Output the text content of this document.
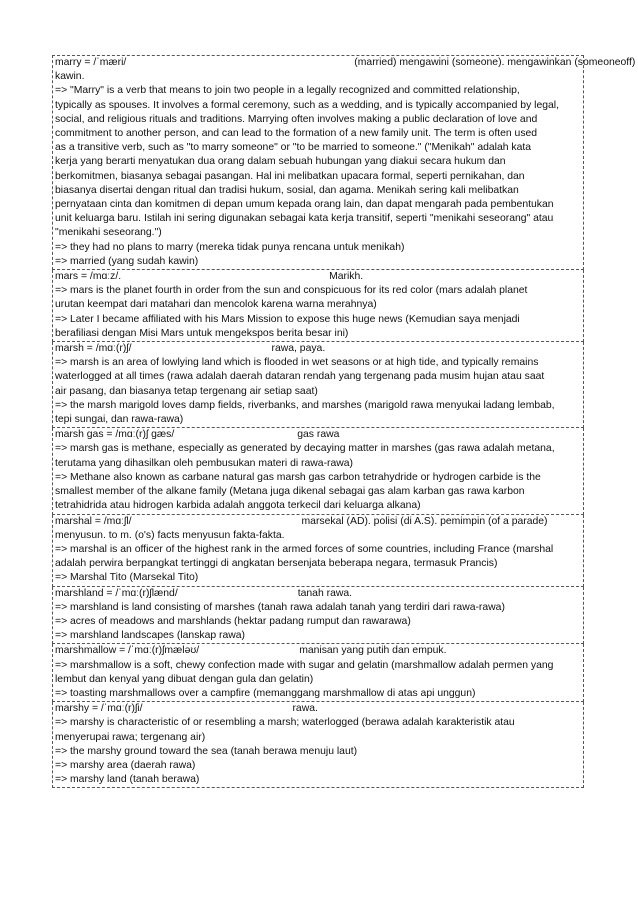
marry = /ˈmæri/	(married) mengawini (someone). mengawinkan (someoneoff)
kawin.
=> "Marry" is a verb that means to join two people in a legally recognized and committed relationship,
typically as spouses. It involves a formal ceremony, such as a wedding, and is typically accompanied by legal,
social, and religious rituals and traditions. Marrying often involves making a public declaration of love and
commitment to another person, and can lead to the formation of a new family unit. The term is often used
as a transitive verb, such as "to marry someone" or "to be married to someone." ("Menikah" adalah kata
kerja yang berarti menyatukan dua orang dalam sebuah hubungan yang diakui secara hukum dan
berkomitmen, biasanya sebagai pasangan. Hal ini melibatkan upacara formal, seperti pernikahan, dan
biasanya disertai dengan ritual dan tradisi hukum, sosial, dan agama. Menikah sering kali melibatkan
pernyataan cinta dan komitmen di depan umum kepada orang lain, dan dapat mengarah pada pembentukan
unit keluarga baru. Istilah ini sering digunakan sebagai kata kerja transitif, seperti "menikahi seseorang" atau
"menikahi seseorang.")
=> they had no plans to marry (mereka tidak punya rencana untuk menikah)
=> married (yang sudah kawin)
mars = /mɑːz/.	Marikh.
=> mars is the planet fourth in order from the sun and conspicuous for its red color (mars adalah planet
urutan keempat dari matahari dan mencolok karena warna merahnya)
=> Later I became affiliated with his Mars Mission to expose this huge news (Kemudian saya menjadi
berafiliasi dengan Misi Mars untuk mengekspos berita besar ini)
marsh = /mɑː(r)ʃ/	rawa, paya.
=> marsh is an area of lowlying land which is flooded in wet seasons or at high tide, and typically remains
waterlogged at all times (rawa adalah daerah dataran rendah yang tergenang pada musim hujan atau saat
air pasang, dan biasanya tetap tergenang air setiap saat)
=> the marsh marigold loves damp fields, riverbanks, and marshes (marigold rawa menyukai ladang lembab,
tepi sungai, dan rawa-rawa)
marsh gas = /mɑː(r)ʃ gæs/	gas rawa
=> marsh gas is methane, especially as generated by decaying matter in marshes (gas rawa adalah metana,
terutama yang dihasilkan oleh pembusukan materi di rawa-rawa)
=> Methane also known as carbane natural gas marsh gas carbon tetrahydride or hydrogen carbide is the
smallest member of the alkane family (Metana juga dikenal sebagai gas alam karban gas rawa karbon
tetrahidrida atau hidrogen karbida adalah anggota terkecil dari keluarga alkana)
marshal = /mɑːʃl/	marsekal (AD). polisi (di A.S). pemimpin (of a parade)
menyusun. to m. (o's) facts menyusun fakta-fakta.
=> marshal is an officer of the highest rank in the armed forces of some countries, including France (marshal
adalah perwira berpangkat tertinggi di angkatan bersenjata beberapa negara, termasuk Prancis)
=> Marshal Tito (Marsekal Tito)
marshland = /ˈmɑː(r)ʃlænd/	tanah rawa.
=> marshland is land consisting of marshes (tanah rawa adalah tanah yang terdiri dari rawa-rawa)
=> acres of meadows and marshlands (hektar padang rumput dan rawarawa)
=> marshland landscapes (lanskap rawa)
marshmallow = /ˈmɑː(r)ʃmæləʊ/	manisan yang putih dan empuk.
=> marshmallow is a soft, chewy confection made with sugar and gelatin (marshmallow adalah permen yang
lembut dan kenyal yang dibuat dengan gula dan gelatin)
=> toasting marshmallows over a campfire (memanggang marshmallow di atas api unggun)
marshy = /ˈmɑː(r)ʃi/	rawa.
=> marshy is characteristic of or resembling a marsh; waterlogged (berawa adalah karakteristik atau
menyerupai rawa; tergenang air)
=> the marshy ground toward the sea (tanah berawa menuju laut)
=> marshy area (daerah rawa)
=> marshy land (tanah berawa)
